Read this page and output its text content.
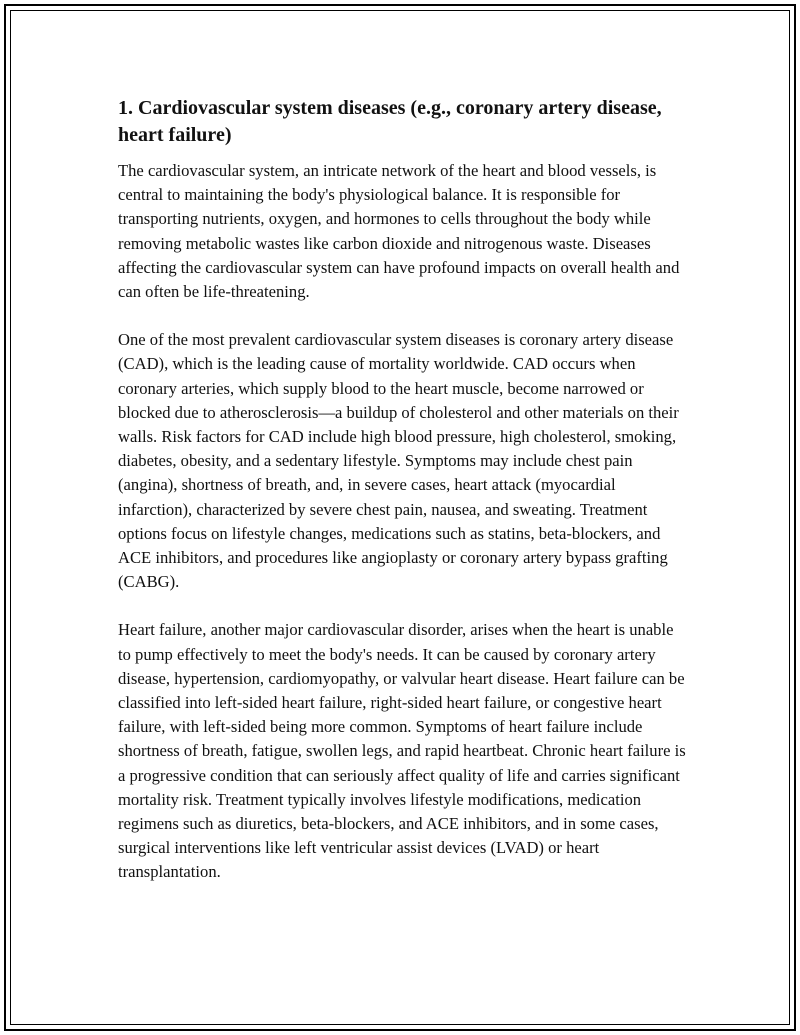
1. Cardiovascular system diseases (e.g., coronary artery disease, heart failure)

The cardiovascular system, an intricate network of the heart and blood vessels, is central to maintaining the body's physiological balance. It is responsible for transporting nutrients, oxygen, and hormones to cells throughout the body while removing metabolic wastes like carbon dioxide and nitrogenous waste. Diseases affecting the cardiovascular system can have profound impacts on overall health and can often be life-threatening.

One of the most prevalent cardiovascular system diseases is coronary artery disease (CAD), which is the leading cause of mortality worldwide. CAD occurs when coronary arteries, which supply blood to the heart muscle, become narrowed or blocked due to atherosclerosis—a buildup of cholesterol and other materials on their walls. Risk factors for CAD include high blood pressure, high cholesterol, smoking, diabetes, obesity, and a sedentary lifestyle. Symptoms may include chest pain (angina), shortness of breath, and, in severe cases, heart attack (myocardial infarction), characterized by severe chest pain, nausea, and sweating. Treatment options focus on lifestyle changes, medications such as statins, beta-blockers, and ACE inhibitors, and procedures like angioplasty or coronary artery bypass grafting (CABG).

Heart failure, another major cardiovascular disorder, arises when the heart is unable to pump effectively to meet the body's needs. It can be caused by coronary artery disease, hypertension, cardiomyopathy, or valvular heart disease. Heart failure can be classified into left-sided heart failure, right-sided heart failure, or congestive heart failure, with left-sided being more common. Symptoms of heart failure include shortness of breath, fatigue, swollen legs, and rapid heartbeat. Chronic heart failure is a progressive condition that can seriously affect quality of life and carries significant mortality risk. Treatment typically involves lifestyle modifications, medication regimens such as diuretics, beta-blockers, and ACE inhibitors, and in some cases, surgical interventions like left ventricular assist devices (LVAD) or heart transplantation.
